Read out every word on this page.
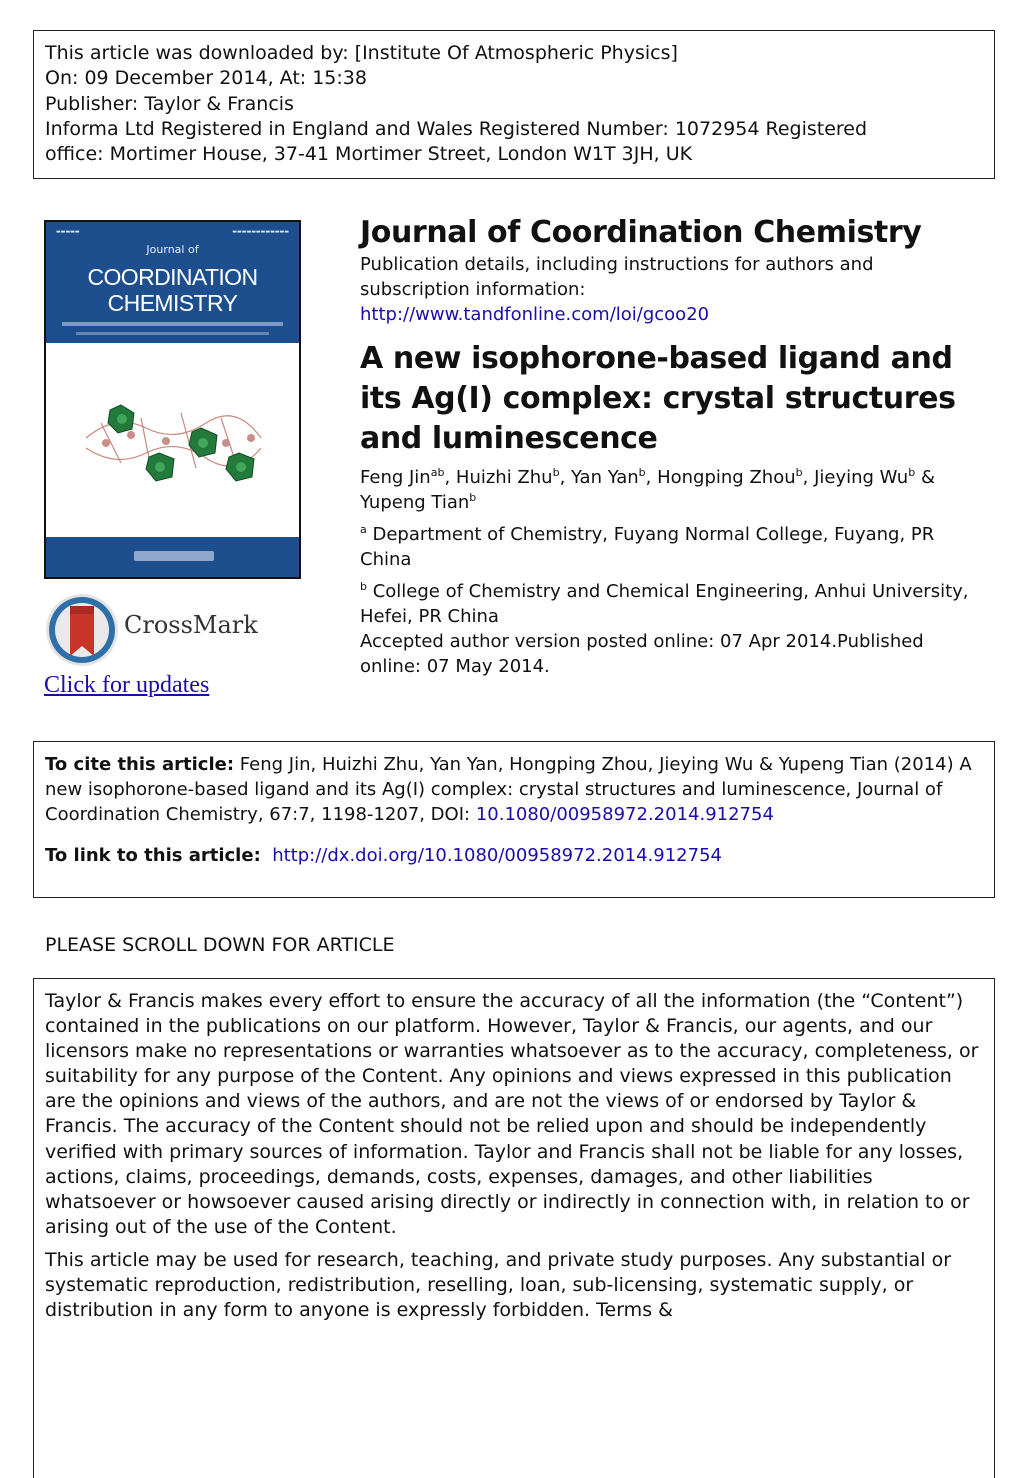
This article was downloaded by: [Institute Of Atmospheric Physics]
On: 09 December 2014, At: 15:38
Publisher: Taylor & Francis
Informa Ltd Registered in England and Wales Registered Number: 1072954 Registered
office: Mortimer House, 37-41 Mortimer Street, London W1T 3JH, UK
▬▬▬▬▬	▬▬▬▬▬▬▬▬▬▬▬▬
Journal of
COORDINATION
CHEMISTRY
CrossMark
Click for updates
Journal of Coordination Chemistry
Publication details, including instructions for authors and
subscription information:
http://www.tandfonline.com/loi/gcoo20
A new isophorone-based ligand and its Ag(I) complex: crystal structures and luminescence
Feng Jin$^{ab}$, Huizhi Zhu$^b$, Yan Yan$^b$, Hongping Zhou$^b$, Jieying Wu$^b$ & Yupeng Tian$^b$
$^a$ Department of Chemistry, Fuyang Normal College, Fuyang, PR China
$^b$ College of Chemistry and Chemical Engineering, Anhui University, Hefei, PR China
Accepted author version posted online: 07 Apr 2014.Published online: 07 May 2014.
To cite this article: Feng Jin, Huizhi Zhu, Yan Yan, Hongping Zhou, Jieying Wu & Yupeng Tian (2014) A new isophorone-based ligand and its Ag(I) complex: crystal structures and luminescence, Journal of Coordination Chemistry, 67:7, 1198-1207, DOI: 10.1080/00958972.2014.912754
To link to this article: http://dx.doi.org/10.1080/00958972.2014.912754
PLEASE SCROLL DOWN FOR ARTICLE

Taylor & Francis makes every effort to ensure the accuracy of all the information (the “Content”) contained in the publications on our platform. However, Taylor & Francis, our agents, and our licensors make no representations or warranties whatsoever as to the accuracy, completeness, or suitability for any purpose of the Content. Any opinions and views expressed in this publication are the opinions and views of the authors, and are not the views of or endorsed by Taylor & Francis. The accuracy of the Content should not be relied upon and should be independently verified with primary sources of information. Taylor and Francis shall not be liable for any losses, actions, claims, proceedings, demands, costs, expenses, damages, and other liabilities whatsoever or howsoever caused arising directly or indirectly in connection with, in relation to or arising out of the use of the Content.

This article may be used for research, teaching, and private study purposes. Any substantial or systematic reproduction, redistribution, reselling, loan, sub-licensing, systematic supply, or distribution in any form to anyone is expressly forbidden. Terms &
